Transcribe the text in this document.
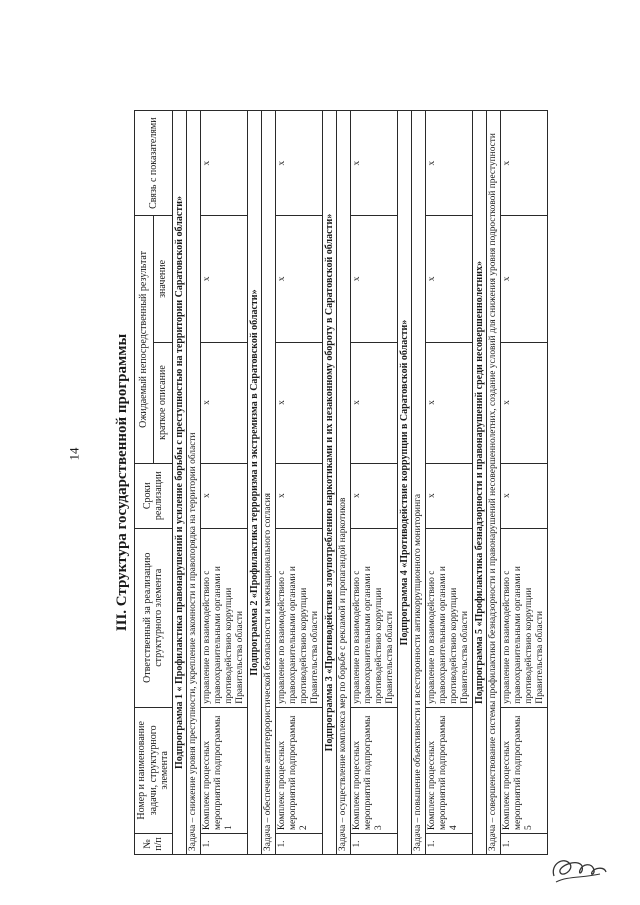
14 III. Структура государственной программы
№ п/п	Номер и наименование задачи, структурного элемента	Ответственный за реализацию структурного элемента	Сроки реализации	Ожидаемый непосредственный результат		Связь с показателями
				краткое описание	значение	
Подпрограмма 1 « Профилактика правонарушений и усиление борьбы с преступностью на территории Саратовской области»						
Задача – снижение уровня преступности, укрепление законности и правопорядка на территории области						
1.	Комплекс процессных мероприятий подпрограммы 1	управление по взаимодействию с правоохранительными органами и противодействию коррупции Правительства области	x	x	x	x
Подпрограмма 2 «Профилактика терроризма и экстремизма в Саратовской области»						
Задача – обеспечение антитеррористической безопасности и межнационального согласия						
1.	Комплекс процессных мероприятий подпрограммы 2	управление по взаимодействию с правоохранительными органами и противодействию коррупции Правительства области	x	x	x	x
Подпрограмма 3 «Противодействие злоупотреблению наркотиками и их незаконному обороту в Саратовской области»						
Задача – осуществление комплекса мер по борьбе с рекламой и пропагандой наркотиков						
1.	Комплекс процессных мероприятий подпрограммы 3	управление по взаимодействию с правоохранительными органами и противодействию коррупции Правительства области	x	x	x	x
Подпрограмма 4 «Противодействие коррупции в Саратовской области»						
Задача – повышение объективности и всесторонности антикоррупционного мониторинга						
1.	Комплекс процессных мероприятий подпрограммы 4	управление по взаимодействию с правоохранительными органами и противодействию коррупции Правительства области	x	x	x	x
Подпрограмма 5 «Профилактика безнадзорности и правонарушений среди несовершеннолетних»						
Задача – совершенствование системы профилактики безнадзорности и правонарушений несовершеннолетних, создание условий для снижения уровня подростковой преступности						
1.	Комплекс процессных мероприятий подпрограммы 5	управление по взаимодействию с правоохранительными органами и противодействию коррупции Правительства области	x	x	x	x
